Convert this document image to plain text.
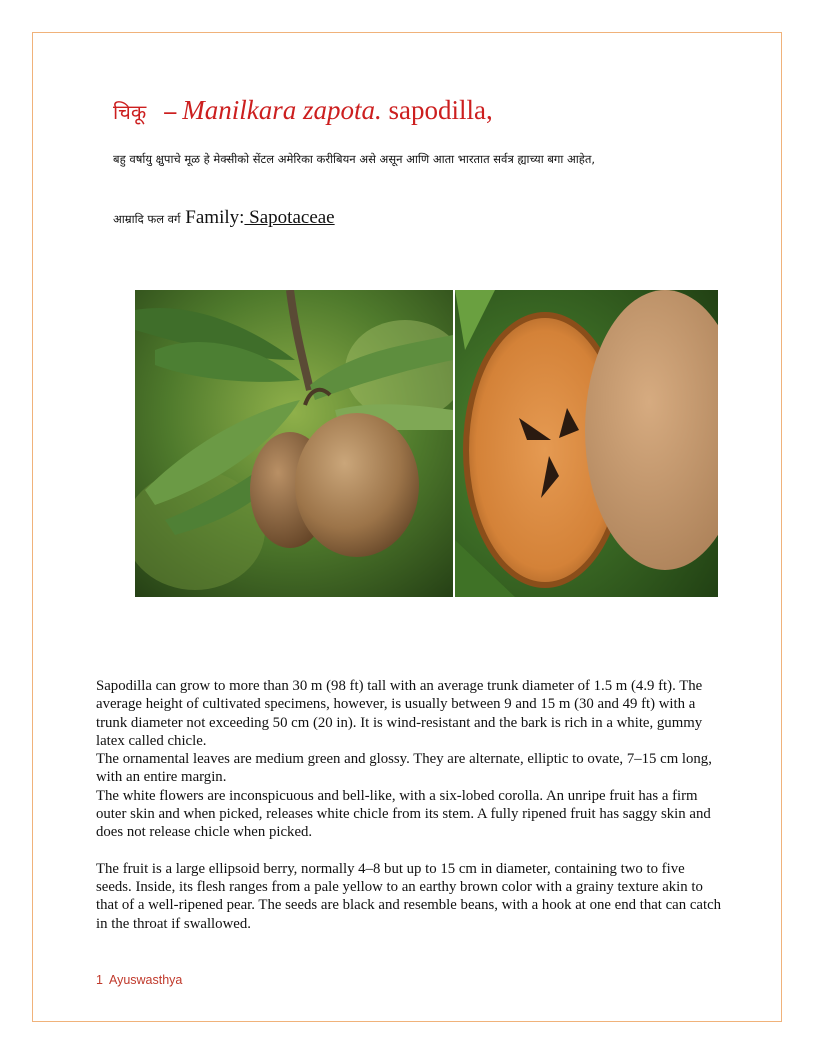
चिकू – Manilkara zapota. sapodilla,
बहु वर्षायु क्षुपाचे मूळ हे मेक्सीको सेंटल अमेरिका करीबियन असे असून आणि आता भारतात सर्वत्र ह्याच्या बगा आहेत,
आम्रादि फल वर्ग Family: Sapotaceae

Sapodilla can grow to more than 30 m (98 ft) tall with an average trunk diameter of 1.5 m (4.9 ft). The average height of cultivated specimens, however, is usually between 9 and 15 m (30 and 49 ft) with a trunk diameter not exceeding 50 cm (20 in). It is wind-resistant and the bark is rich in a white, gummy latex called chicle.

The ornamental leaves are medium green and glossy. They are alternate, elliptic to ovate, 7–15 cm long, with an entire margin.

The white flowers are inconspicuous and bell-like, with a six-lobed corolla. An unripe fruit has a firm outer skin and when picked, releases white chicle from its stem. A fully ripened fruit has saggy skin and does not release chicle when picked.

The fruit is a large ellipsoid berry, normally 4–8 but up to 15 cm in diameter, containing two to five seeds. Inside, its flesh ranges from a pale yellow to an earthy brown color with a grainy texture akin to that of a well-ripened pear. The seeds are black and resemble beans, with a hook at one end that can catch in the throat if swallowed.

1 Ayuswasthya
